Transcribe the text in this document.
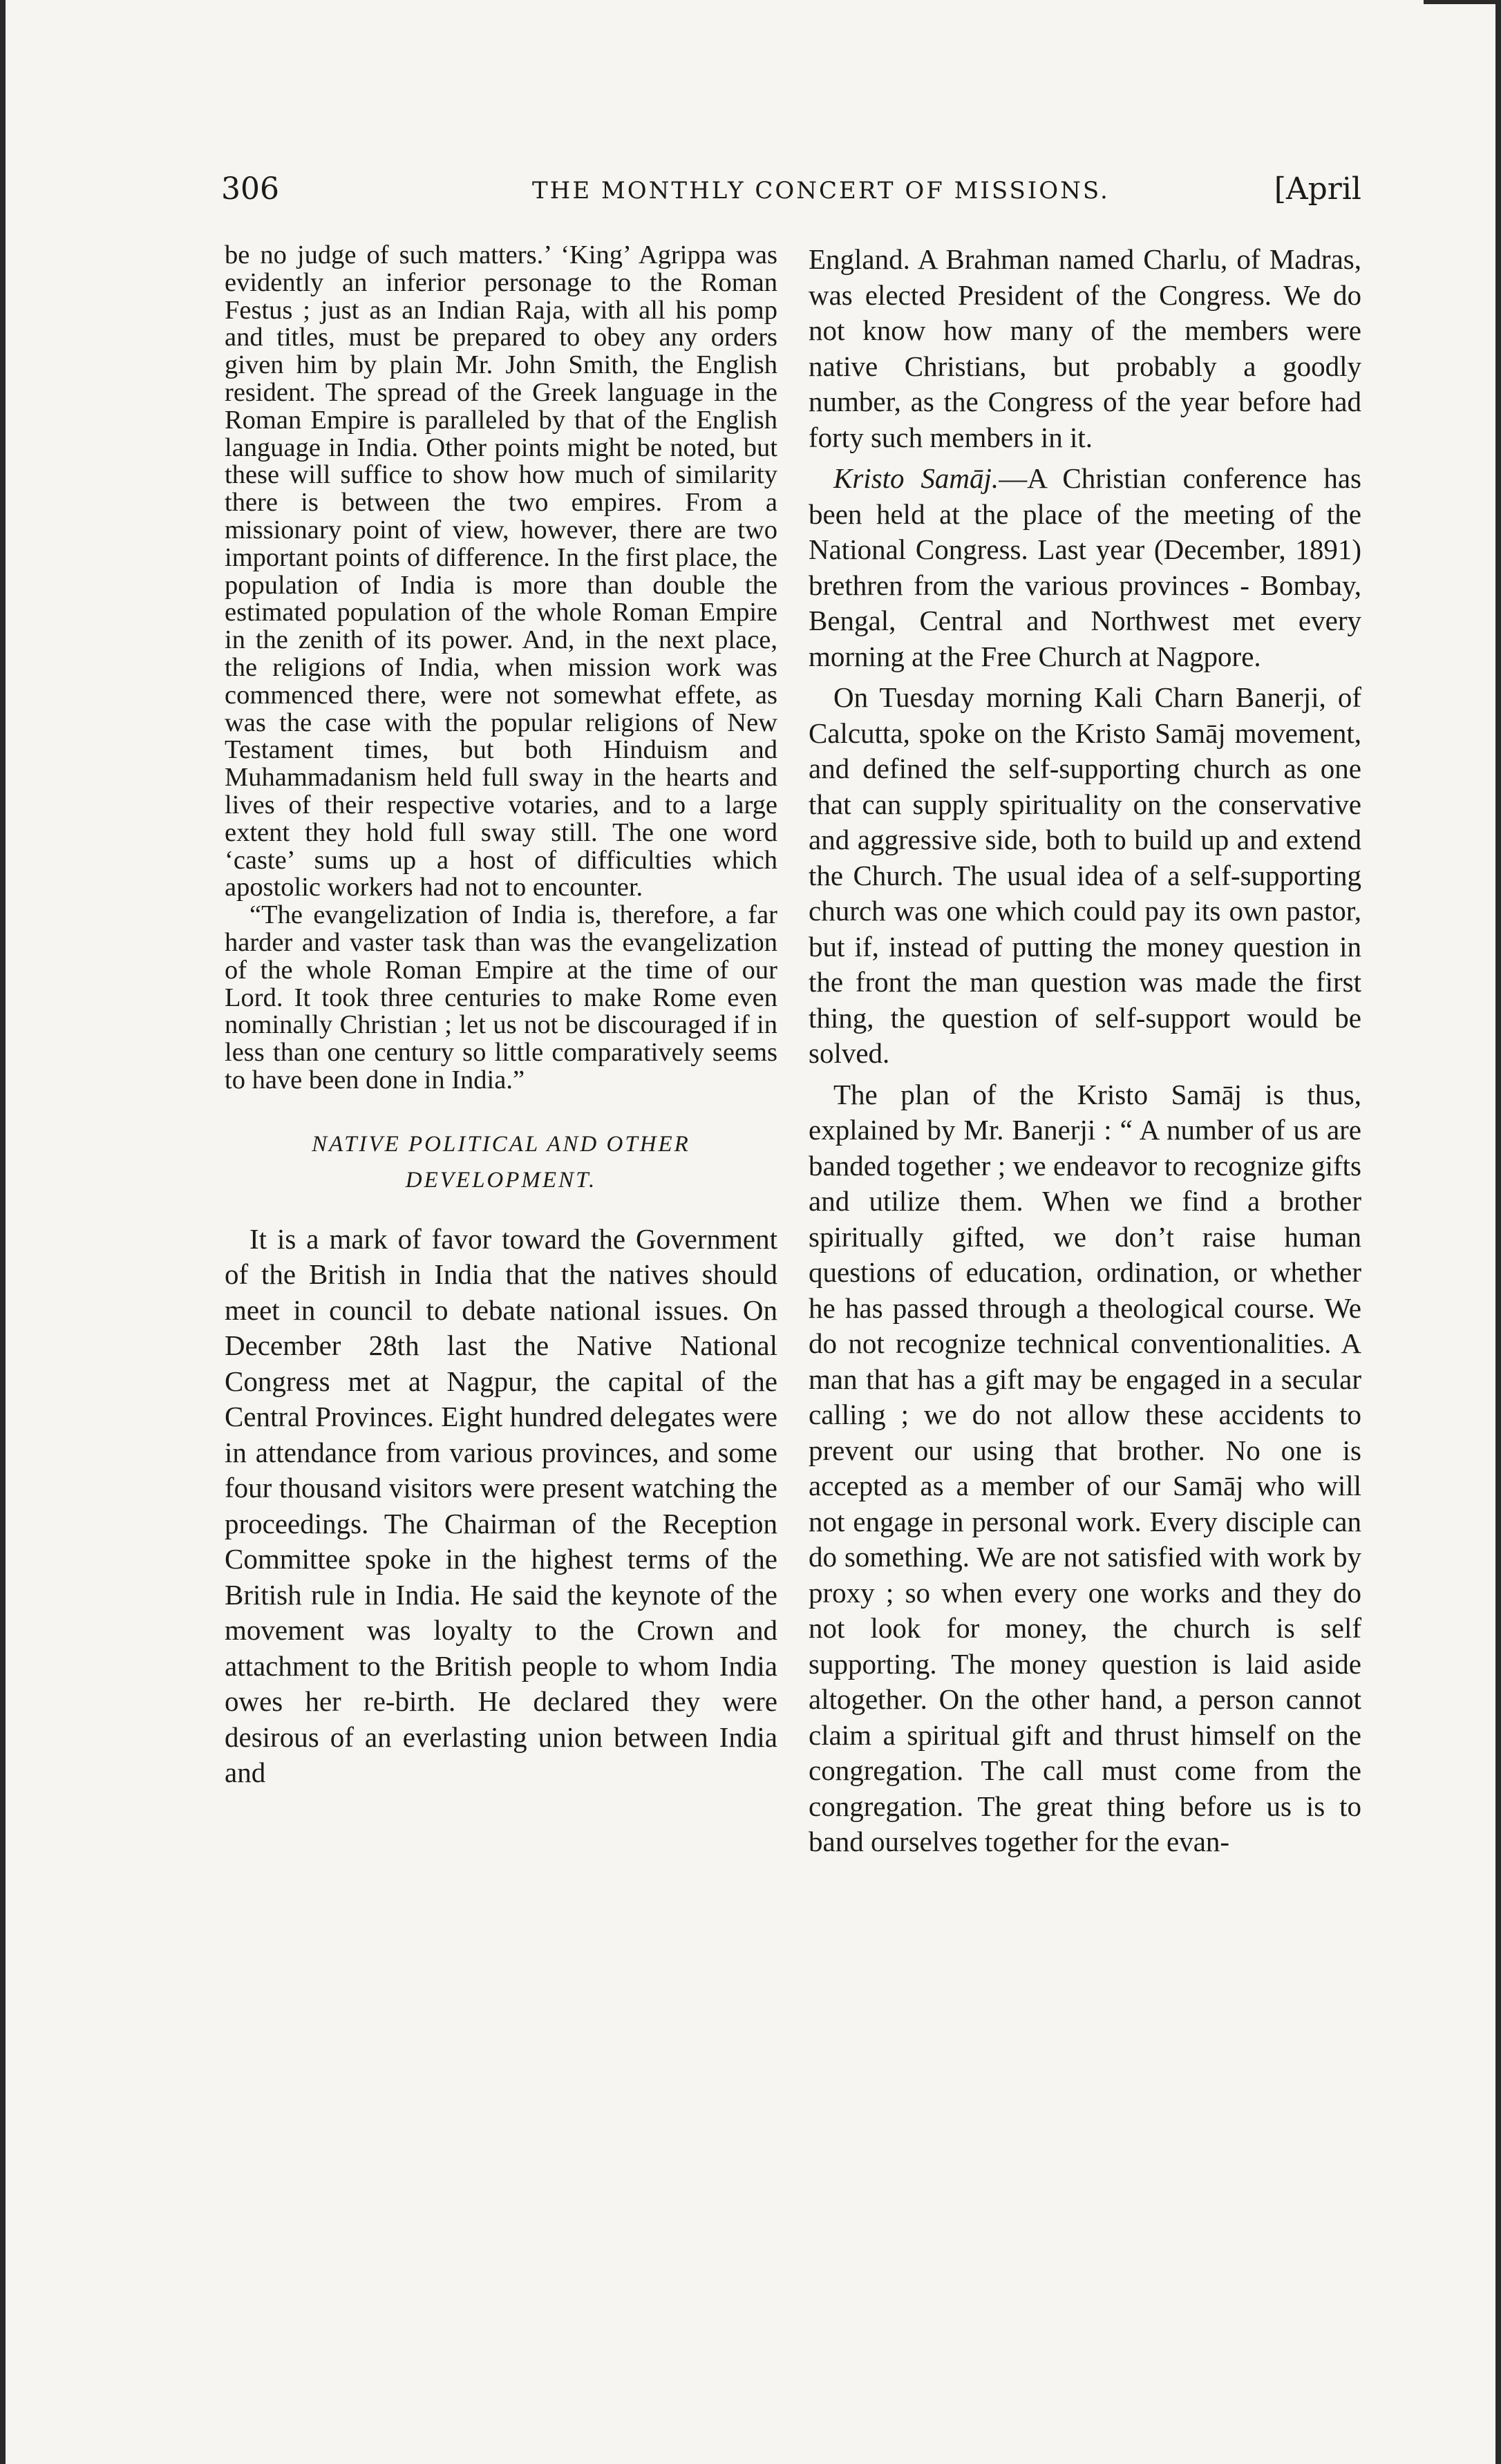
306	THE MONTHLY CONCERT OF MISSIONS.	[April

be no judge of such matters.’ ‘King’ Agrippa was evidently an inferior personage to the Roman Festus ; just as an Indian Raja, with all his pomp and titles, must be prepared to obey any orders given him by plain Mr. John Smith, the English resident. The spread of the Greek language in the Roman Empire is paralleled by that of the English language in India. Other points might be noted, but these will suffice to show how much of similarity there is between the two empires. From a missionary point of view, however, there are two important points of difference. In the first place, the population of India is more than double the estimated population of the whole Roman Empire in the zenith of its power. And, in the next place, the religions of India, when mission work was commenced there, were not somewhat effete, as was the case with the popular religions of New Testament times, but both Hinduism and Muhammadanism held full sway in the hearts and lives of their respective votaries, and to a large extent they hold full sway still. The one word ‘caste’ sums up a host of difficulties which apostolic workers had not to encounter.

“The evangelization of India is, therefore, a far harder and vaster task than was the evangelization of the whole Roman Empire at the time of our Lord. It took three centuries to make Rome even nominally Christian ; let us not be discouraged if in less than one century so little comparatively seems to have been done in India.”

NATIVE POLITICAL AND OTHER DEVELOPMENT.

It is a mark of favor toward the Government of the British in India that the natives should meet in council to debate national issues. On December 28th last the Native National Congress met at Nagpur, the capital of the Central Provinces. Eight hundred delegates were in attendance from various provinces, and some four thousand visitors were present watching the proceedings. The Chairman of the Reception Committee spoke in the highest terms of the British rule in India. He said the keynote of the movement was loyalty to the Crown and attachment to the British people to whom India owes her re-birth. He declared they were desirous of an everlasting union between India and

England. A Brahman named Charlu, of Madras, was elected President of the Congress. We do not know how many of the members were native Christians, but probably a goodly number, as the Congress of the year before had forty such members in it.

Kristo Samāj.—A Christian conference has been held at the place of the meeting of the National Congress. Last year (December, 1891) brethren from the various provinces - Bombay, Bengal, Central and Northwest met every morning at the Free Church at Nagpore.

On Tuesday morning Kali Charn Banerji, of Calcutta, spoke on the Kristo Samāj movement, and defined the self-supporting church as one that can supply spirituality on the conservative and aggressive side, both to build up and extend the Church. The usual idea of a self-supporting church was one which could pay its own pastor, but if, instead of putting the money question in the front the man question was made the first thing, the question of self-support would be solved.

The plan of the Kristo Samāj is thus, explained by Mr. Banerji : “ A number of us are banded together ; we endeavor to recognize gifts and utilize them. When we find a brother spiritually gifted, we don’t raise human questions of education, ordination, or whether he has passed through a theological course. We do not recognize technical conventionalities. A man that has a gift may be engaged in a secular calling ; we do not allow these accidents to prevent our using that brother. No one is accepted as a member of our Samāj who will not engage in personal work. Every disciple can do something. We are not satisfied with work by proxy ; so when every one works and they do not look for money, the church is self supporting. The money question is laid aside altogether. On the other hand, a person cannot claim a spiritual gift and thrust himself on the congregation. The call must come from the congregation. The great thing before us is to band ourselves together for the evan-
